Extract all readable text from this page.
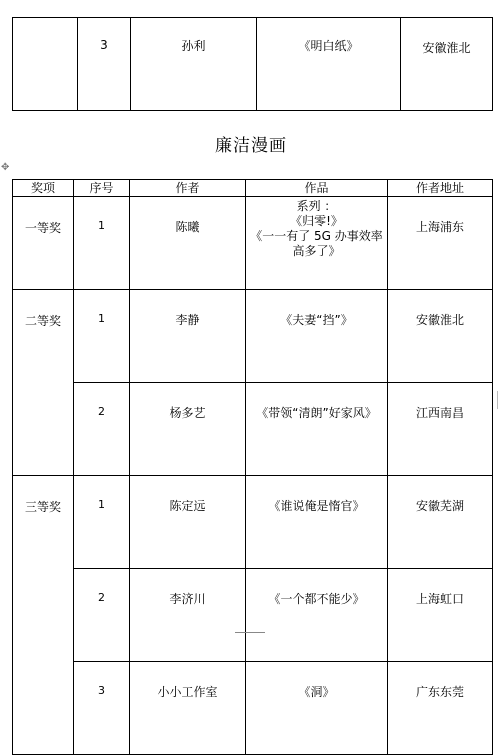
	3	孙利	《明白纸》	安徽淮北
廉洁漫画
✥
奖项	序号	作者	作品	作者地址
一等奖	1	陈曦	系列 ：
《归零!》
《一一有了 5G 办事效率
高多了》	上海浦东
二等奖	1	李静	《夫妻“挡”》	安徽淮北
	2	杨多艺	《带领“清朗”好家风》	江西南昌
三等奖	1	陈定远	《谁说俺是惰官》	安徽芜湖
	2	李济川	《一个都不能少》	上海虹口
	3	小小工作室	《洞》	广东东莞
